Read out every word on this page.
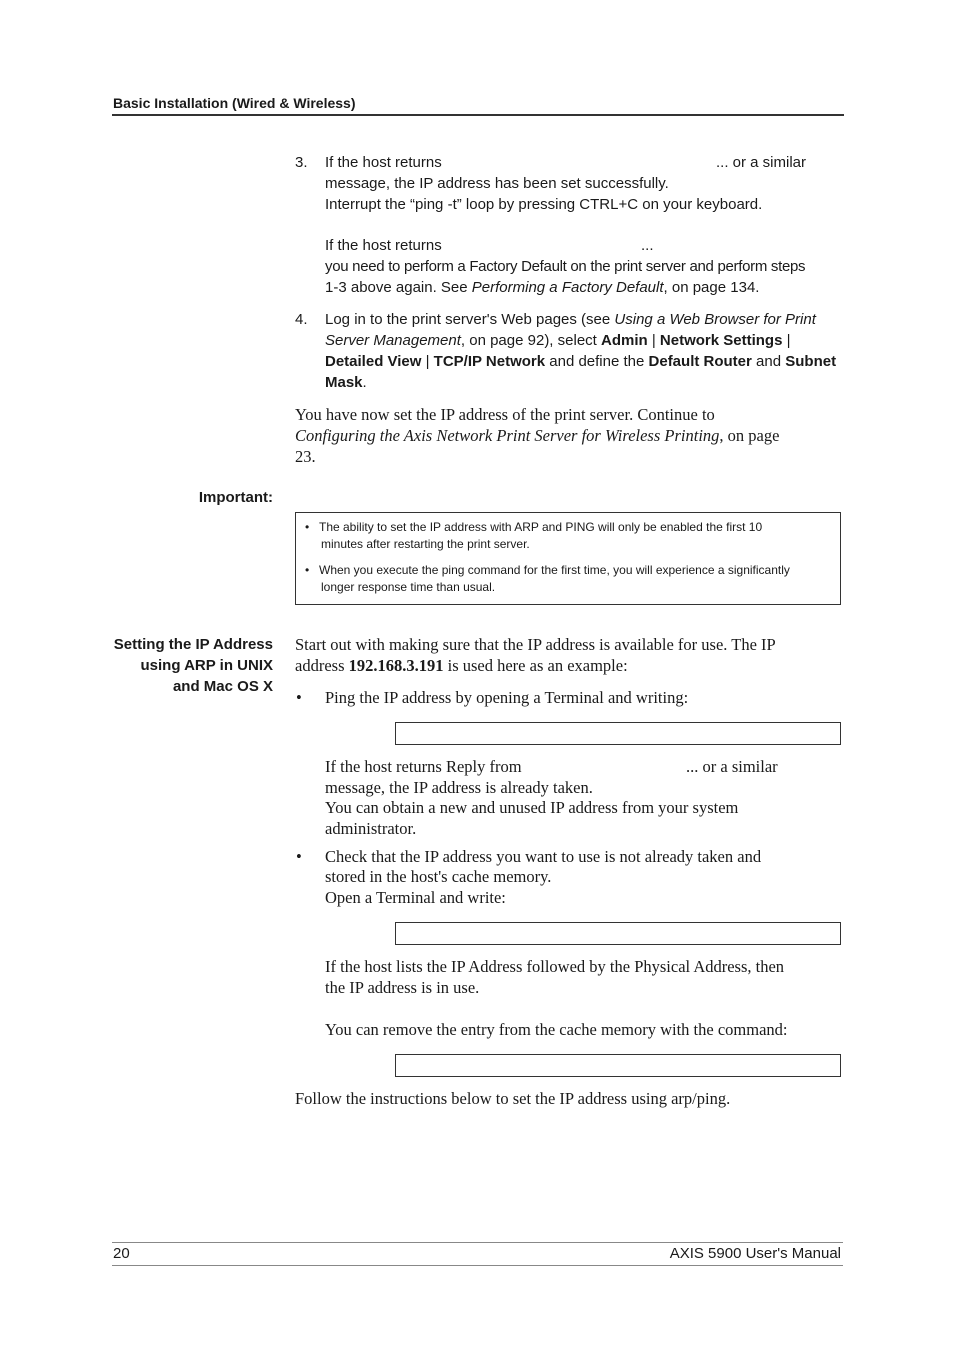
Basic Installation (Wired & Wireless)
3. If the host returns	... or a similar
message, the IP address has been set successfully.
Interrupt the “ping -t” loop by pressing CTRL+C on your keyboard.
If the host returns	...
you need to perform a Factory Default on the print server and perform steps
1-3 above again. See Performing a Factory Default, on page 134.
4. Log in to the print server's Web pages (see Using a Web Browser for Print
Server Management, on page 92), select Admin | Network Settings |
Detailed View | TCP/IP Network and define the Default Router and Subnet
Mask.
You have now set the IP address of the print server. Continue to
Configuring the Axis Network Print Server for Wireless Printing, on page
23.
Important:
• The ability to set the IP address with ARP and PING will only be enabled the first 10
minutes after restarting the print server.
• When you execute the ping command for the first time, you will experience a significantly
longer response time than usual.
Setting the IP Address
using ARP in UNIX
and Mac OS X
Start out with making sure that the IP address is available for use. The IP
address 192.168.3.191 is used here as an example:
• Ping the IP address by opening a Terminal and writing:
If the host returns Reply from	... or a similar
message, the IP address is already taken.
You can obtain a new and unused IP address from your system
administrator.
• Check that the IP address you want to use is not already taken and
stored in the host's cache memory.
Open a Terminal and write:
If the host lists the IP Address followed by the Physical Address, then
the IP address is in use.
You can remove the entry from the cache memory with the command:
Follow the instructions below to set the IP address using arp/ping.
20	AXIS 5900 User's Manual
